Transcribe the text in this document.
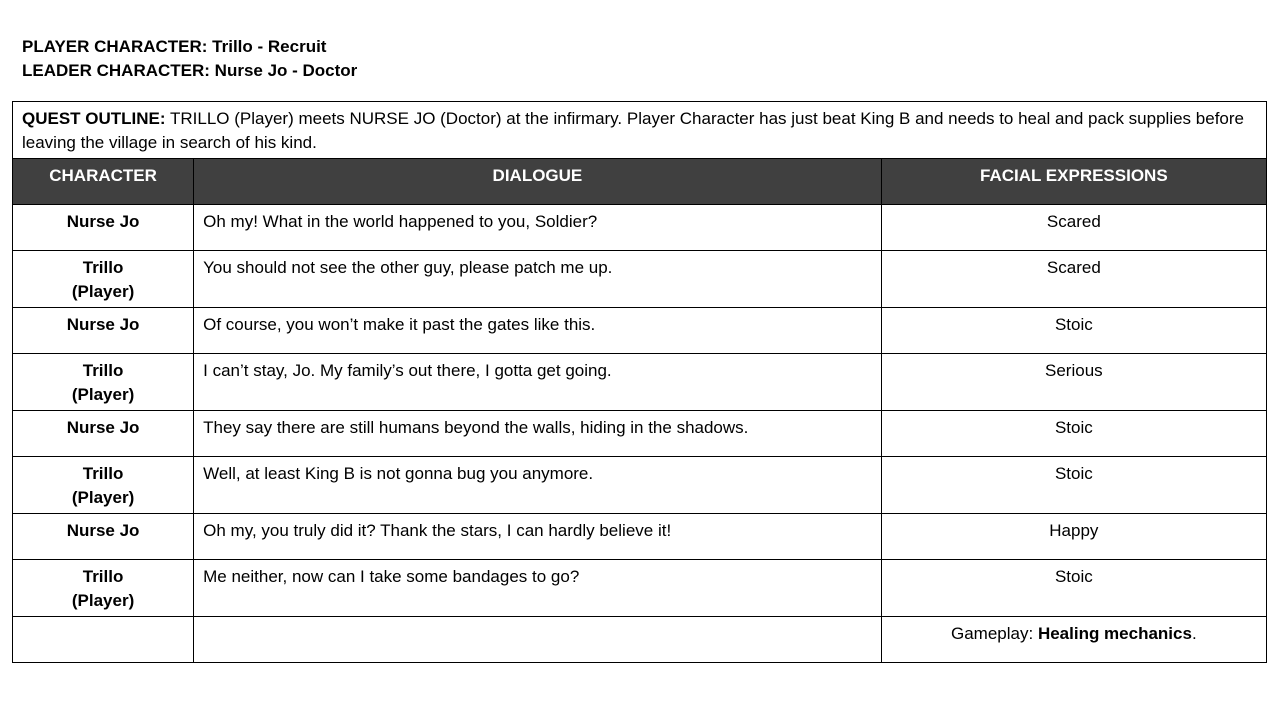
PLAYER CHARACTER: Trillo - Recruit
LEADER CHARACTER: Nurse Jo - Doctor
QUEST OUTLINE: TRILLO (Player) meets NURSE JO (Doctor) at the infirmary. Player Character has just beat King B and needs to heal and pack supplies before leaving the village in search of his kind.		
CHARACTER	DIALOGUE	FACIAL EXPRESSIONS

Nurse Jo	Oh my! What in the world happened to you, Soldier?	Scared

Trillo
(Player)	You should not see the other guy, please patch me up.	Scared

Nurse Jo	Of course, you won’t make it past the gates like this.	Stoic

Trillo
(Player)	I can’t stay, Jo. My family’s out there, I gotta get going.	Serious

Nurse Jo	They say there are still humans beyond the walls, hiding in the shadows.	Stoic

Trillo
(Player)	Well, at least King B is not gonna bug you anymore.	Stoic

Nurse Jo	Oh my, you truly did it? Thank the stars, I can hardly believe it!	Happy

Trillo
(Player)	Me neither, now can I take some bandages to go?	Stoic
		Gameplay: Healing mechanics.
